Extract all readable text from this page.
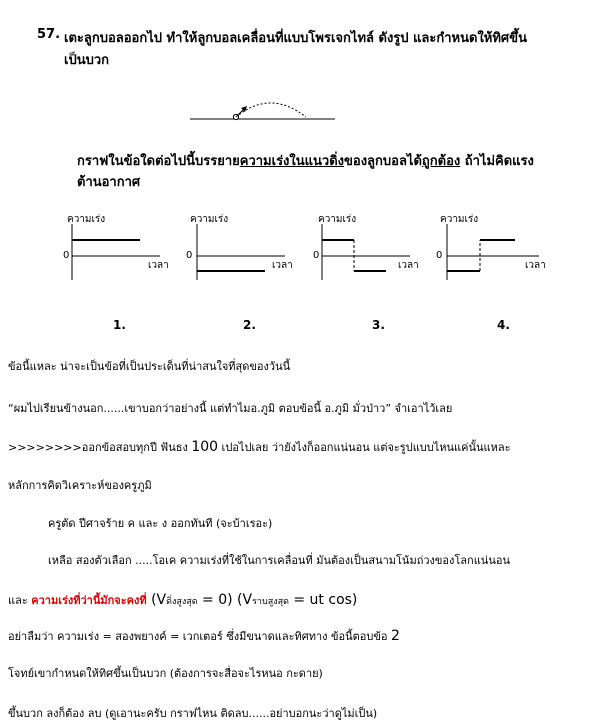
57. เตะลูกบอลออกไป ทำให้ลูกบอลเคลื่อนที่แบบโพรเจกไทล์ ดังรูป และกำหนดให้ทิศขึ้น
เป็นบวก
กราฟในข้อใดต่อไปนี้บรรยายความเร่งในแนวดิ่งของลูกบอลได้ถูกต้อง ถ้าไม่คิดแรง
ต้านอากาศ
ความเร่ง
0
เวลา
1.
ความเร่ง
0
เวลา
2.
ความเร่ง
0
เวลา
3.
ความเร่ง
0
เวลา
4.
ข้อนี้แหละ น่าจะเป็นข้อที่เป็นประเด็นที่น่าสนใจที่สุดของวันนี้
“ผมไปเรียนข้างนอก......เขาบอกว่าอย่างนี้ แต่ทำไมอ.ภูมิ ตอบข้อนี้ อ.ภูมิ มั่วป่าว” จำเอาไว้เลย
>>>>>>>>ออกข้อสอบทุกปี ฟันธง 100 เปอไปเลย ว่ายังไงก็ออกแน่นอน แต่จะรูปแบบไหนแค่นั้นแหละ
หลักการคิดวิเคราะห์ของครูภูมิ
ครูตัด ปีศาจร้าย ค และ ง ออกทันที (จะบ้าเรอะ)
เหลือ สองตัวเลือก .....โอเค ความเร่งที่ใช้ในการเคลื่อนที่ มันต้องเป็นสนามโน้มถ่วงของโลกแน่นอน
และ ความเร่งที่ว่านี้มักจะคงที่ (Vดิ่งสูงสุด = 0) (Vราบสูงสุด = ut cos)
อย่าลืมว่า ความเร่ง = สองพยางค์ = เวกเตอร์ ซึ่งมีขนาดและทิศทาง ข้อนี้ตอบข้อ 2
โจทย์เขากำหนดให้ทิศขึ้นเป็นบวก (ต้องการจะสื่อจะไรหนอ กะดาย)
ขึ้นบวก ลงก็ต้อง ลบ (ดูเอานะครับ กราฟไหน ติดลบ......อย่าบอกนะว่าดูไม่เป็น)
